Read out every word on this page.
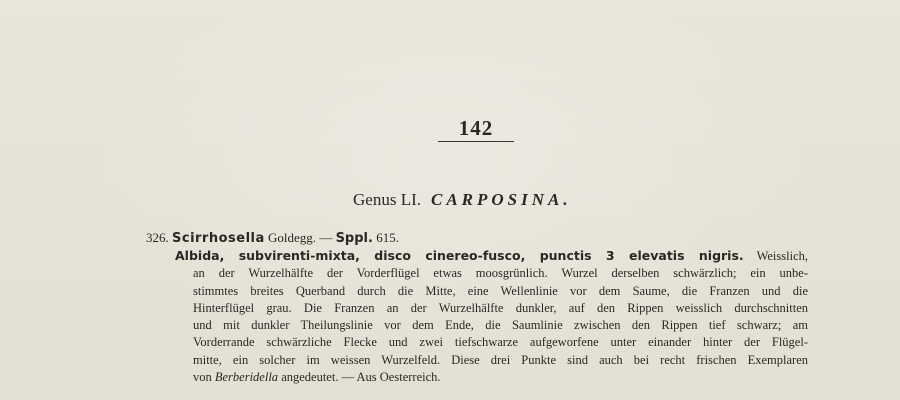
142
Genus LI. CARPOSINA.
326. Scirrhosella Goldegg. — Sppl. 615.
Albida, subvirenti-mixta, disco cinereo-fusco, punctis 3 elevatis nigris. Weisslich,
an der Wurzelhälfte der Vorderflügel etwas moosgrünlich. Wurzel derselben schwärzlich; ein unbe-
stimmtes breites Querband durch die Mitte, eine Wellenlinie vor dem Saume, die Franzen und die
Hinterflügel grau. Die Franzen an der Wurzelhälfte dunkler, auf den Rippen weisslich durchschnitten
und mit dunkler Theilungslinie vor dem Ende, die Saumlinie zwischen den Rippen tief schwarz; am
Vorderrande schwärzliche Flecke und zwei tiefschwarze aufgeworfene unter einander hinter der Flügel-
mitte, ein solcher im weissen Wurzelfeld. Diese drei Punkte sind auch bei recht frischen Exemplaren
von Berberidella angedeutet. — Aus Oesterreich.
